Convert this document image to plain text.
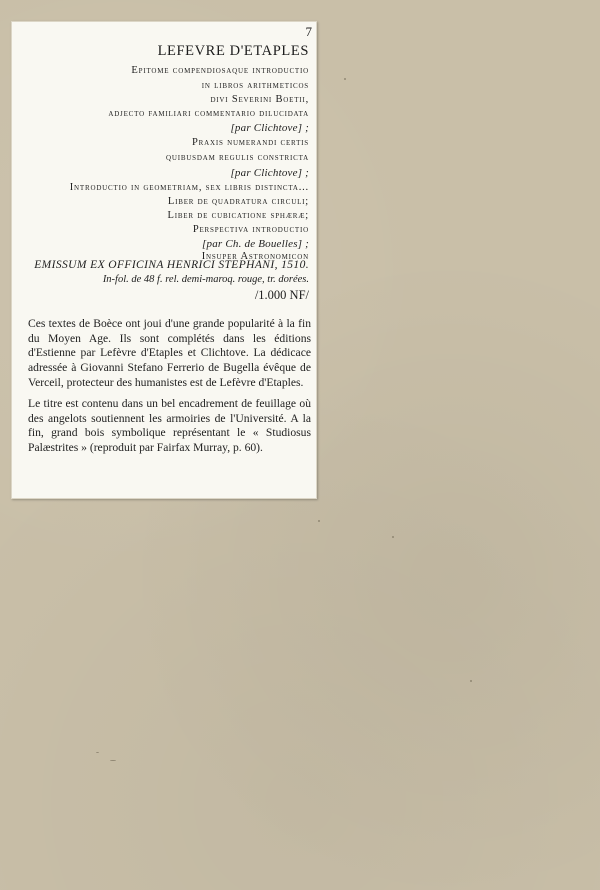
7
LEFEVRE D'ETAPLES
Epitome compendiosaque introductio
in libros arithmeticos
divi Severini Boetii,
adjecto familiari commentario dilucidata
[par Clichtove] ;
Praxis numerandi certis
quibusdam regulis constricta
[par Clichtove] ;
Introductio in geometriam, sex libris distincta...
Liber de quadratura circuli;
Liber de cubicatione sphæræ;
Perspectiva introductio
[par Ch. de Bouelles] ;
Insuper Astronomicon
EMISSUM EX OFFICINA HENRICI STEPHANI, 1510.
In-fol. de 48 f. rel. demi-maroq. rouge, tr. dorées.
/1.000 NF/

Ces textes de Boèce ont joui d'une grande popularité à la fin du Moyen Age. Ils sont complétés dans les éditions d'Estienne par Lefèvre d'Etaples et Clichtove. La dédicace adressée à Giovanni Stefano Ferrerio de Bugella évêque de Verceil, protecteur des humanistes est de Lefèvre d'Etaples.

Le titre est contenu dans un bel encadrement de feuillage où des angelots soutiennent les armoiries de l'Université. A la fin, grand bois symbolique représentant le « Studiosus Palæstrites » (reproduit par Fairfax Murray, p. 60).
